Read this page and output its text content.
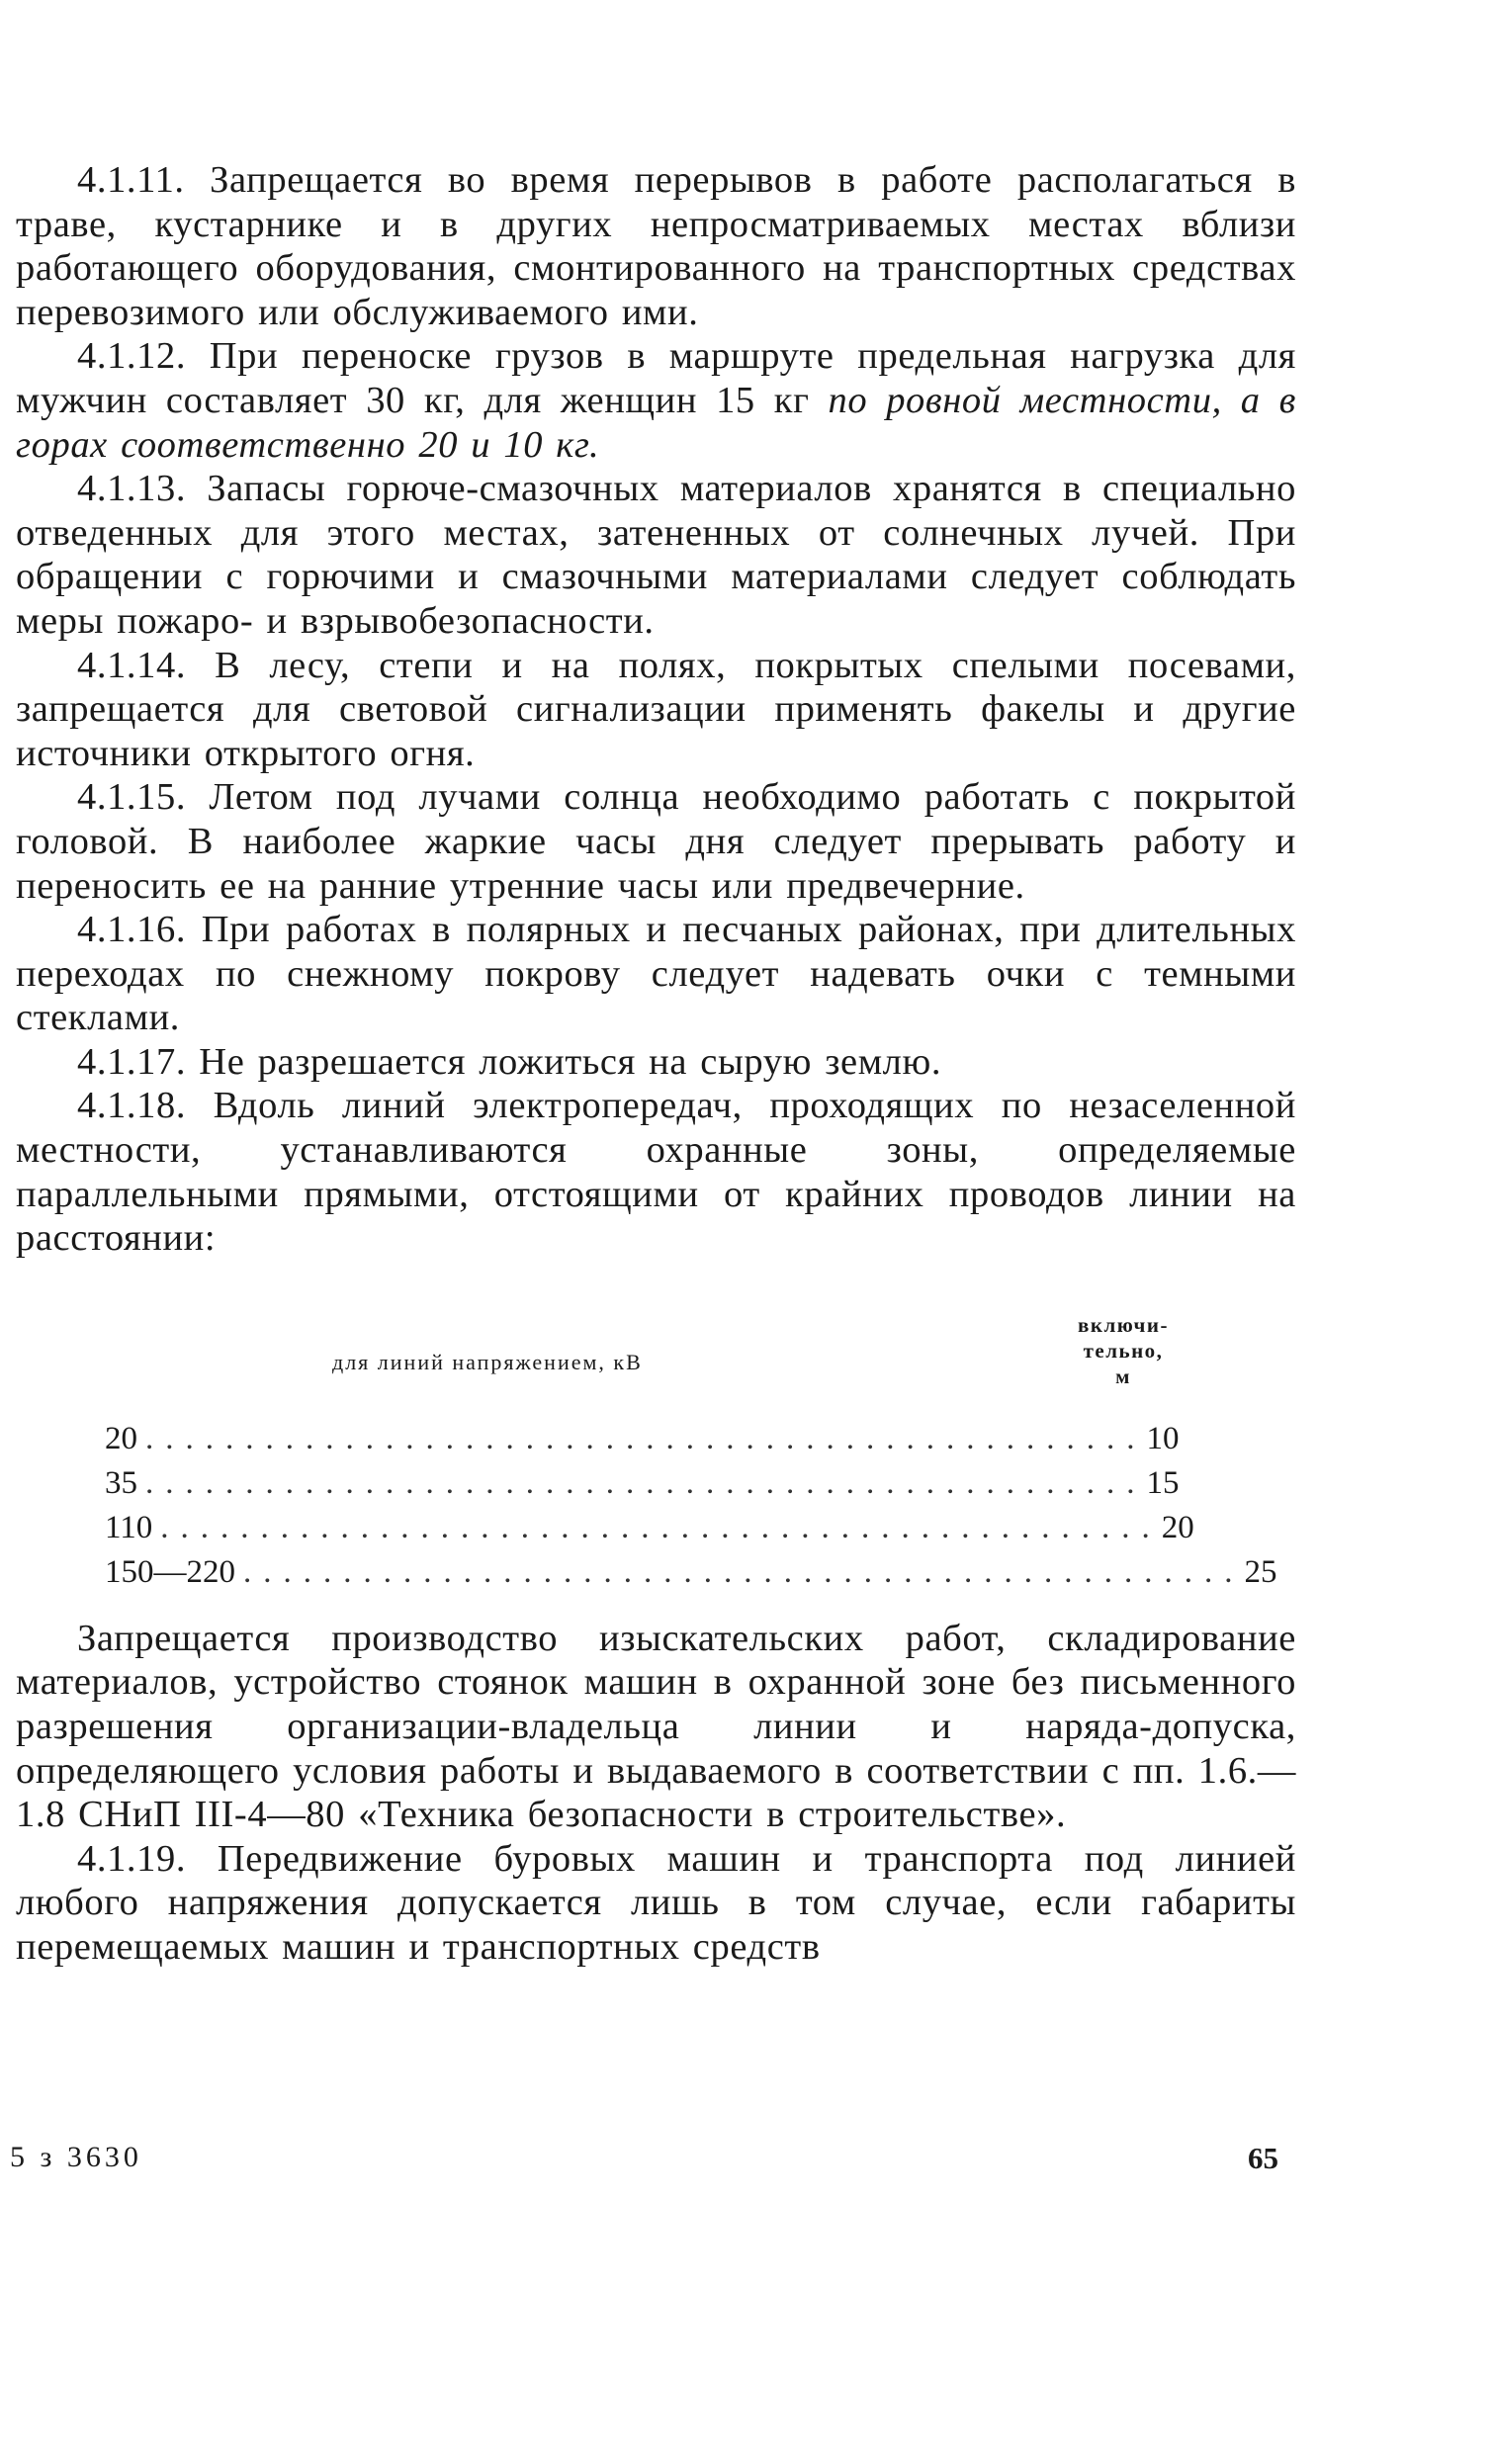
4.1.11. Запрещается во время перерывов в работе располагаться в траве, кустарнике и в других непросматриваемых местах вблизи работающего оборудования, смонтированного на транспортных средствах перевозимого или обслуживаемого ими.

4.1.12. При переноске грузов в маршруте предельная нагрузка для мужчин составляет 30 кг, для женщин 15 кг по ровной местности, а в горах соответственно 20 и 10 кг.

4.1.13. Запасы горюче-смазочных материалов хранятся в специально отведенных для этого местах, затененных от солнечных лучей. При обращении с горючими и смазочными материалами следует соблюдать меры пожаро- и взрывобезопасности.

4.1.14. В лесу, степи и на полях, покрытых спелыми посевами, запрещается для световой сигнализации применять факелы и другие источники открытого огня.

4.1.15. Летом под лучами солнца необходимо работать с покрытой головой. В наиболее жаркие часы дня следует прерывать работу и переносить ее на ранние утренние часы или предвечерние.

4.1.16. При работах в полярных и песчаных районах, при длительных переходах по снежному покрову следует надевать очки с темными стеклами.

4.1.17. Не разрешается ложиться на сырую землю.

4.1.18. Вдоль линий электропередач, проходящих по незаселенной местности, устанавливаются охранные зоны, определяемые параллельными прямыми, отстоящими от крайних проводов линии на расстоянии:

для линий напряжением, кВ
включи-
тельно,
м
20 .................................................. 10
35 .................................................. 15
110 .................................................. 20
150—220 .................................................. 25

Запрещается производство изыскательских работ, складирование материалов, устройство стоянок машин в охранной зоне без письменного разрешения организации-владельца линии и наряда-допуска, определяющего условия работы и выдаваемого в соответствии с пп. 1.6.—1.8 СНиП III-4—80 «Техника безопасности в строительстве».

4.1.19. Передвижение буровых машин и транспорта под линией любого напряжения допускается лишь в том случае, если габариты перемещаемых машин и транспортных средств

5 з 3630	65
